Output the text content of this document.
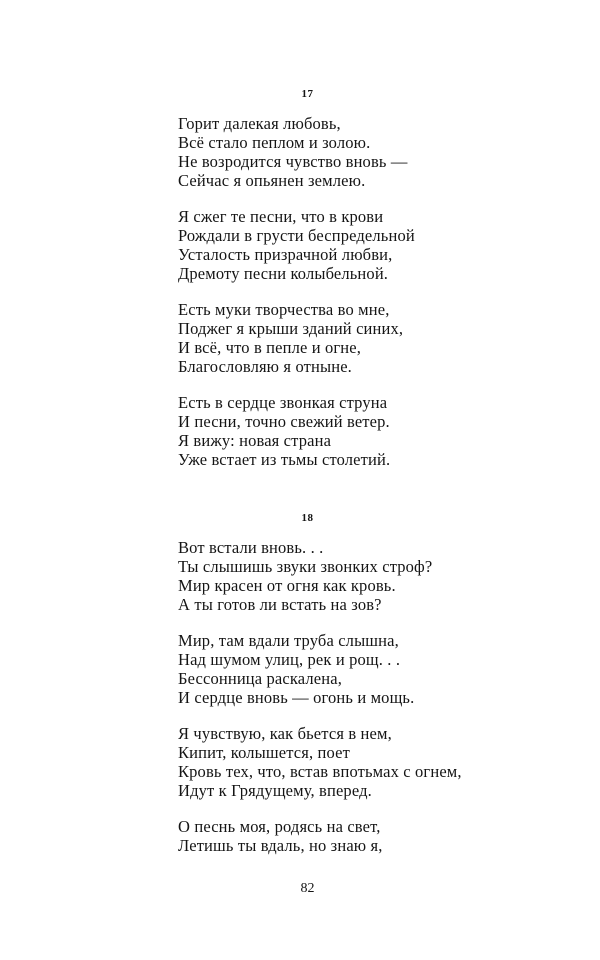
17
Горит далекая любовь,
Всё стало пеплом и золою.
Не возродится чувство вновь —
Сейчас я опьянен землею.
Я сжег те песни, что в крови
Рождали в грусти беспредельной
Усталость призрачной любви,
Дремоту песни колыбельной.
Есть муки творчества во мне,
Поджег я крыши зданий синих,
И всё, что в пепле и огне,
Благословляю я отныне.
Есть в сердце звонкая струна
И песни, точно свежий ветер.
Я вижу: новая страна
Уже встает из тьмы столетий.
18
Вот встали вновь. . .
Ты слышишь звуки звонких строф?
Мир красен от огня как кровь.
А ты готов ли встать на зов?
Мир, там вдали труба слышна,
Над шумом улиц, рек и рощ. . .
Бессонница раскалена,
И сердце вновь — огонь и мощь.
Я чувствую, как бьется в нем,
Кипит, колышется, поет
Кровь тех, что, встав впотьмах с огнем,
Идут к Грядущему, вперед.
О песнь моя, родясь на свет,
Летишь ты вдаль, но знаю я,
82
